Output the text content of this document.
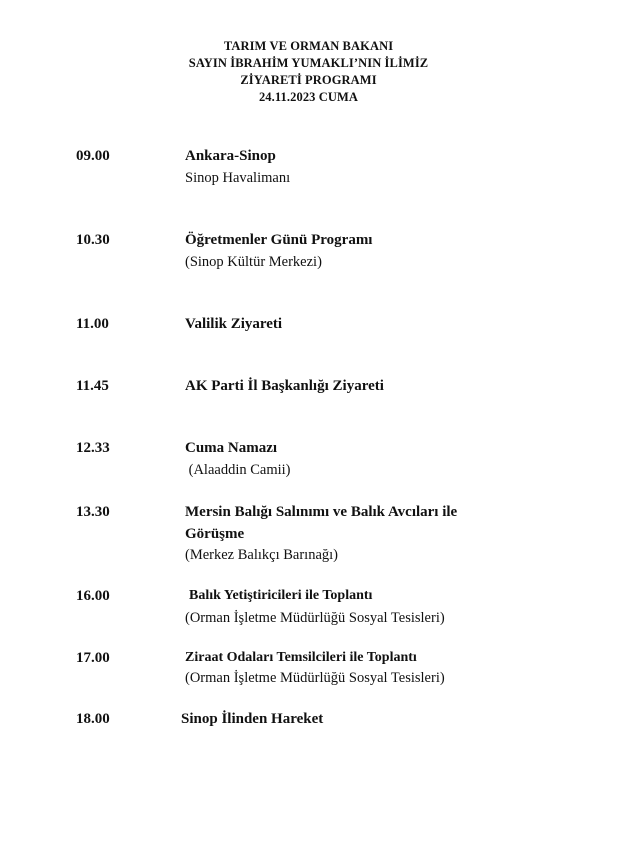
TARIM VE ORMAN BAKANI
SAYIN İBRAHİM YUMAKLI’NIN İLİMİZ
ZİYARETİ PROGRAMI
24.11.2023 CUMA
09.00	Ankara-Sinop
Sinop Havalimanı
10.30	Öğretmenler Günü Programı
(Sinop Kültür Merkezi)
11.00	Valilik Ziyareti
11.45	AK Parti İl Başkanlığı Ziyareti
12.33	Cuma Namazı
(Alaaddin Camii)
13.30	Mersin Balığı Salınımı ve Balık Avcıları ile
Görüşme
(Merkez Balıkçı Barınağı)
16.00	Balık Yetiştiricileri ile Toplantı
(Orman İşletme Müdürlüğü Sosyal Tesisleri)
17.00	Ziraat Odaları Temsilcileri ile Toplantı
(Orman İşletme Müdürlüğü Sosyal Tesisleri)
18.00	Sinop İlinden Hareket
